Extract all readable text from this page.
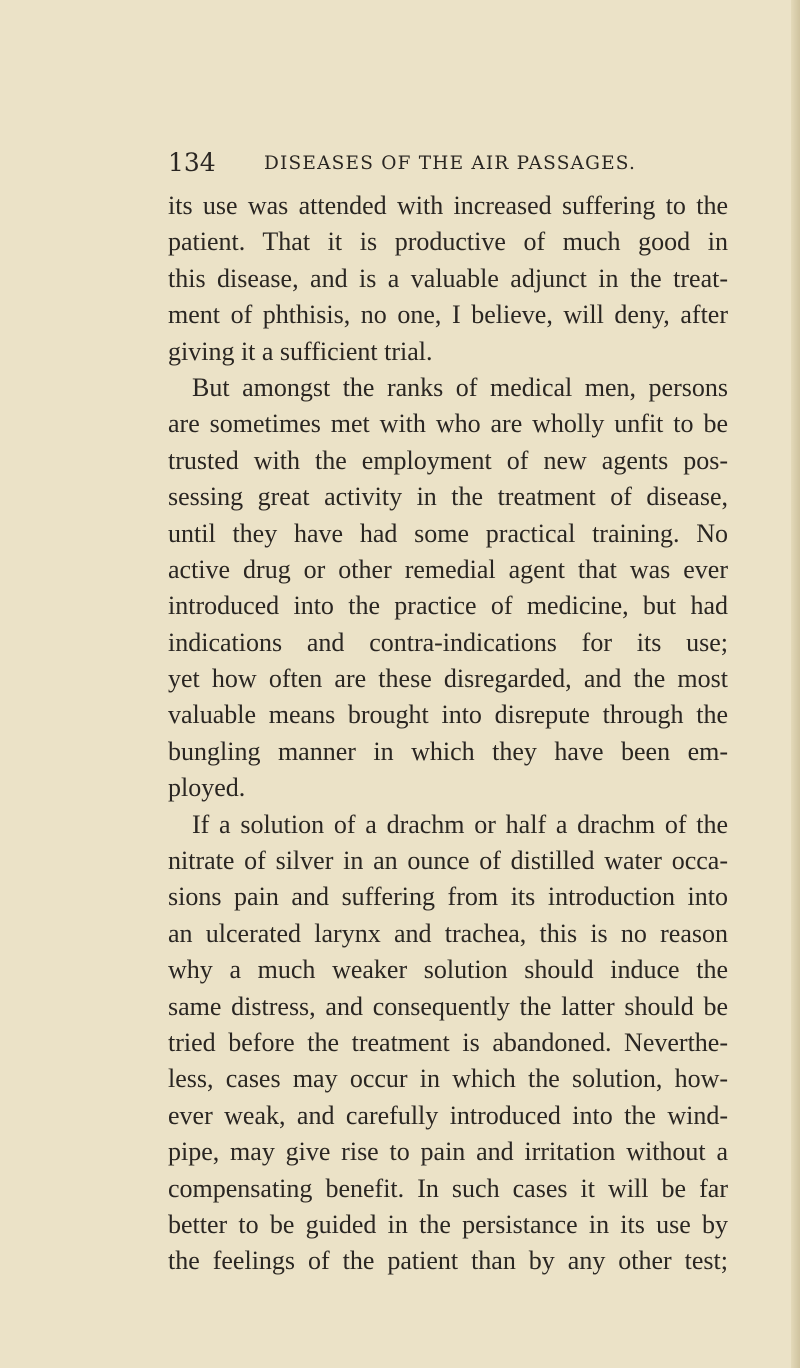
134	DISEASES OF THE AIR PASSAGES.
its use was attended with increased suffering to the
patient. That it is productive of much good in
this disease, and is a valuable adjunct in the treat-
ment of phthisis, no one, I believe, will deny, after
giving it a sufficient trial.
But amongst the ranks of medical men, persons
are sometimes met with who are wholly unfit to be
trusted with the employment of new agents pos-
sessing great activity in the treatment of disease,
until they have had some practical training. No
active drug or other remedial agent that was ever
introduced into the practice of medicine, but had
indications and contra-indications for its use;
yet how often are these disregarded, and the most
valuable means brought into disrepute through the
bungling manner in which they have been em-
ployed.
If a solution of a drachm or half a drachm of the
nitrate of silver in an ounce of distilled water occa-
sions pain and suffering from its introduction into
an ulcerated larynx and trachea, this is no reason
why a much weaker solution should induce the
same distress, and consequently the latter should be
tried before the treatment is abandoned. Neverthe-
less, cases may occur in which the solution, how-
ever weak, and carefully introduced into the wind-
pipe, may give rise to pain and irritation without a
compensating benefit. In such cases it will be far
better to be guided in the persistance in its use by
the feelings of the patient than by any other test;
